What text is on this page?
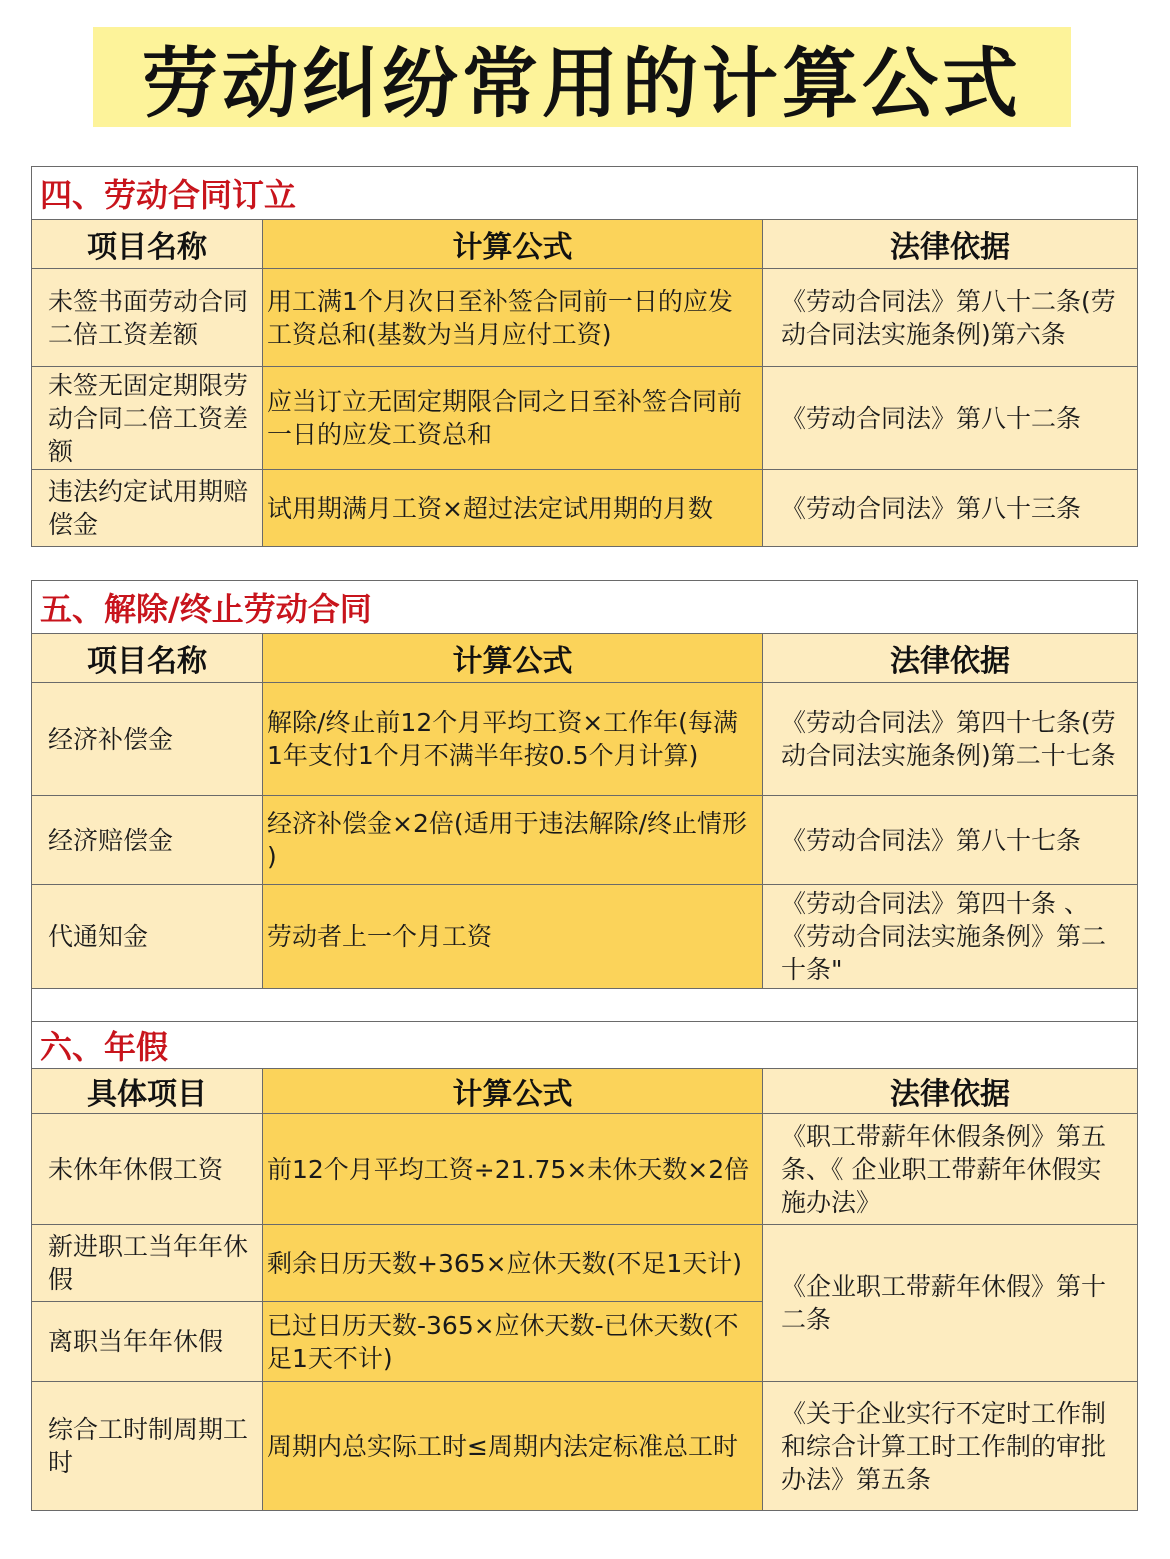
劳动纠纷常用的计算公式
四、劳动合同订立		
项目名称	计算公式	法律依据
未签书面劳动合同二倍工资差额	用工满1个月次日至补签合同前一日的应发工资总和(基数为当月应付工资)	《劳动合同法》第八十二条(劳动合同法实施条例)第六条
未签无固定期限劳动合同二倍工资差额	应当订立无固定期限合同之日至补签合同前一日的应发工资总和	《劳动合同法》第八十二条
违法约定试用期赔偿金	试用期满月工资×超过法定试用期的月数	《劳动合同法》第八十三条
五、解除/终止劳动合同		
项目名称	计算公式	法律依据
经济补偿金	解除/终止前12个月平均工资×工作年(每满1年支付1个月不满半年按0.5个月计算)	《劳动合同法》第四十七条(劳动合同法实施条例)第二十七条
经济赔偿金	经济补偿金×2倍(适用于违法解除/终止情形 )	《劳动合同法》第八十七条
代通知金	劳动者上一个月工资	《劳动合同法》第四十条 、《劳动合同法实施条例》第二十条"

六、年假		
具体项目	计算公式	法律依据
未休年休假工资	前12个月平均工资÷21.75×未休天数×2倍	《职工带薪年休假条例》第五条、《 企业职工带薪年休假实施办法》
新进职工当年年休假	剩余日历天数+365×应休天数(不足1天计)	《企业职工带薪年休假》第十二条
离职当年年休假	已过日历天数-365×应休天数-已休天数(不足1天不计)	
综合工时制周期工时	周期内总实际工时≤周期内法定标准总工时	《关于企业实行不定时工作制和综合计算工时工作制的审批办法》第五条
